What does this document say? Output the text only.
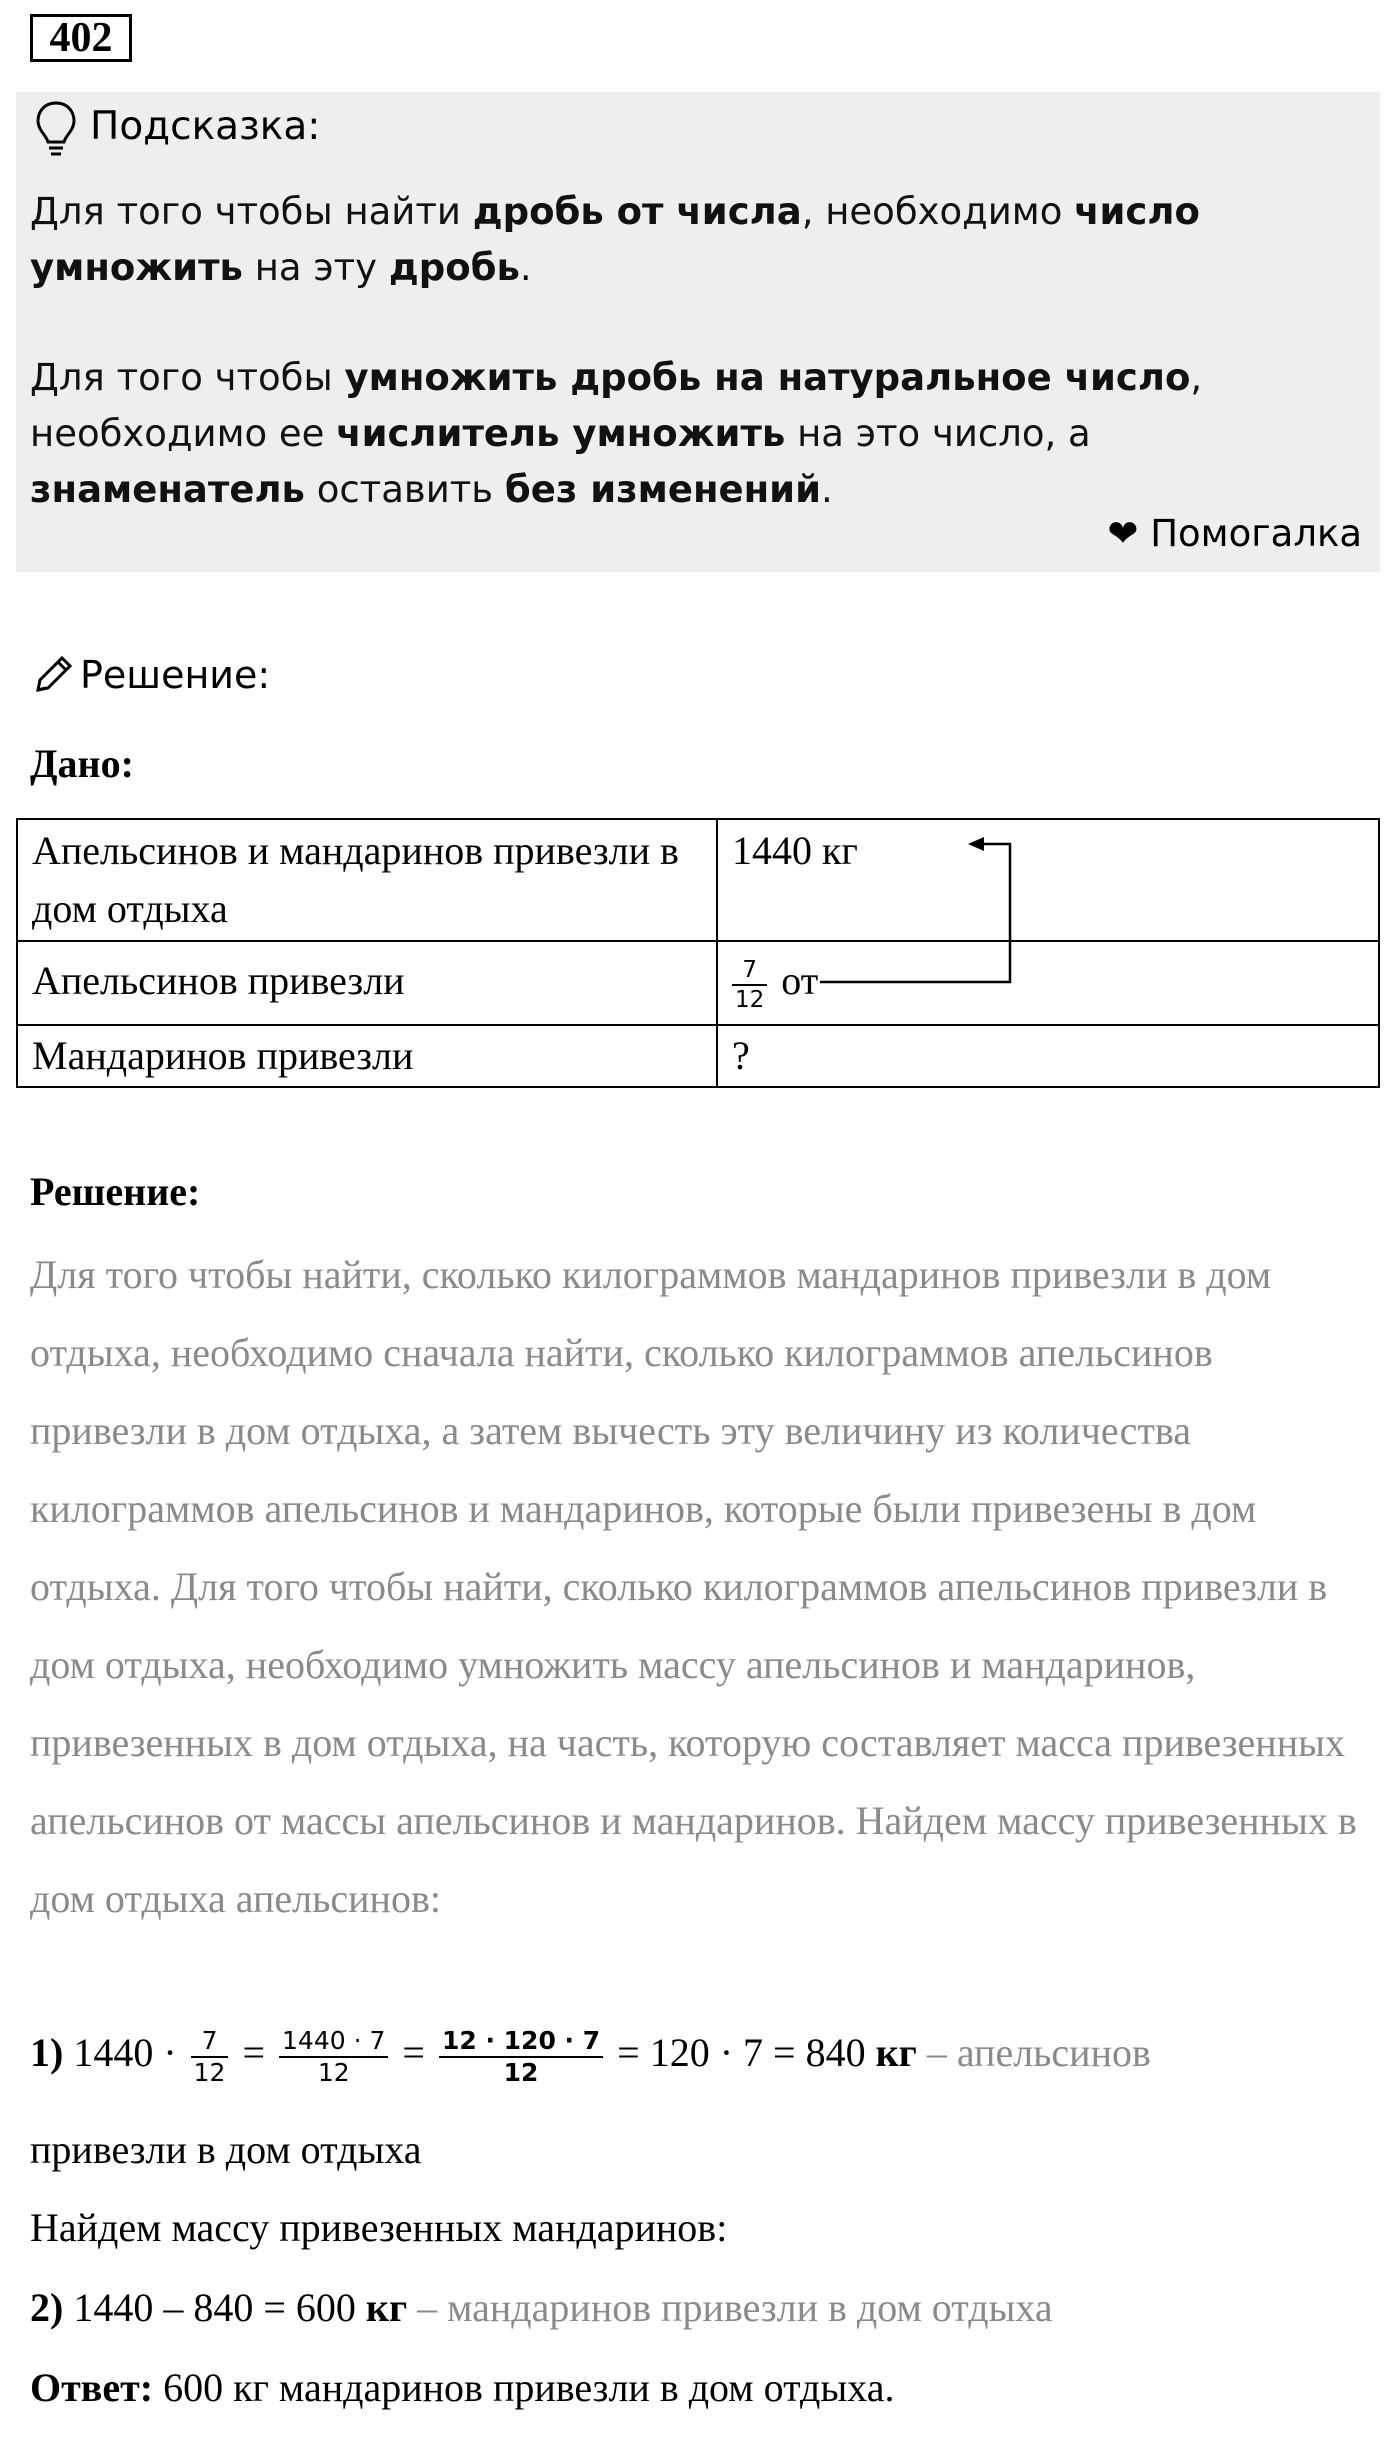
402
Подсказка:
Для того чтобы найти дробь от числа, необходимо число умножить на эту дробь.
Для того чтобы умножить дробь на натуральное число, необходимо ее числитель умножить на это число, а знаменатель оставить без изменений.
❤ Помогалка
Решение:
Дано:
Апельсинов и мандаринов привезли в дом отдыха	1440 кг
Апельсинов привезли	$\frac{7}{12}$ от
Мандаринов привезли	?
Решение:
Для того чтобы найти, сколько килограммов мандаринов привезли в дом отдыха, необходимо сначала найти, сколько килограммов апельсинов привезли в дом отдыха, а затем вычесть эту величину из количества килограммов апельсинов и мандаринов, которые были привезены в дом отдыха. Для того чтобы найти, сколько килограммов апельсинов привезли в дом отдыха, необходимо умножить массу апельсинов и мандаринов, привезенных в дом отдыха, на часть, которую составляет масса привезенных апельсинов от массы апельсинов и мандаринов. Найдем массу привезенных в дом отдыха апельсинов:
1) $1440 \cdot \frac{7}{12} = \frac{1440 \cdot 7}{12} = \frac{12 \cdot 120 \cdot 7}{12} = 120 \cdot 7 = 840$ кг – апельсинов
привезли в дом отдыха
Найдем массу привезенных мандаринов:
2) 1440 – 840 = 600 кг – мандаринов привезли в дом отдыха
Ответ: 600 кг мандаринов привезли в дом отдыха.
